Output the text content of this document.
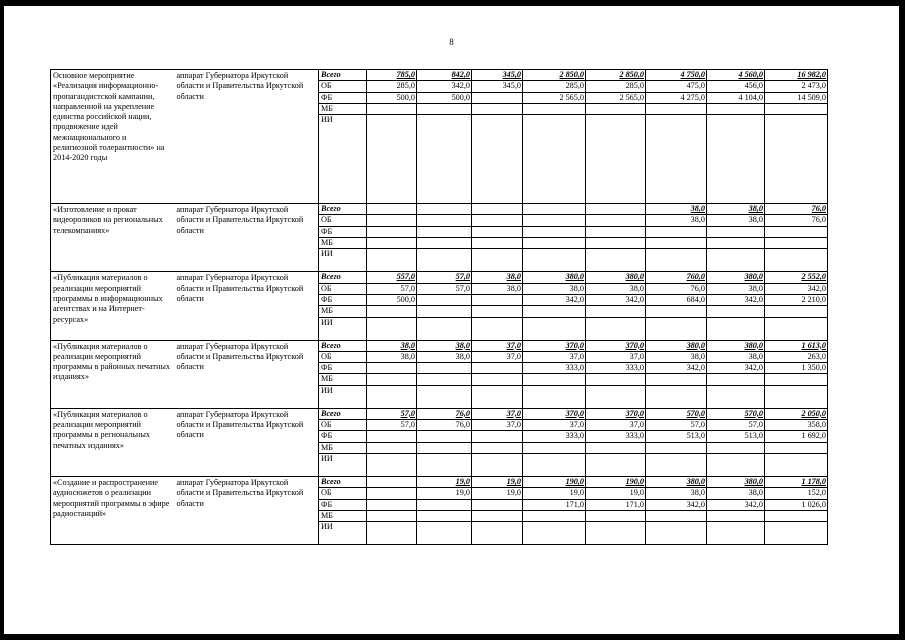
8
Основное мероприятие «Реализация информационно-пропагандистской кампании, направленной на укрепление единства российской нации, продвижение идей межнационального и религиозной толерантности» на 2014-2020 годы	аппарат Губернатора Иркутской области и Правительства Иркутской области	Всего	785,0	842,0	345,0	2 850,0	2 850,0	4 750,0	4 560,0	16 982,0
		ОБ	285,0	342,0	345,0	285,0	285,0	475,0	456,0	2 473,0
		ФБ	500,0	500,0		2 565,0	2 565,0	4 275,0	4 104,0	14 509,0
		МБ								
		ИИ								
«Изготовление и прокат видеороликов на региональных телекомпаниях»	аппарат Губернатора Иркутской области и Правительства Иркутской области	Всего						38,0	38,0	76,0
		ОБ						38,0	38,0	76,0
		ФБ								
		МБ								
		ИИ								
«Публикация материалов о реализации мероприятий программы в информационных агентствах и на Интернет-ресурсах»	аппарат Губернатора Иркутской области и Правительства Иркутской области	Всего	557,0	57,0	38,0	380,0	380,0	760,0	380,0	2 552,0
		ОБ	57,0	57,0	38,0	38,0	38,0	76,0	38,0	342,0
		ФБ	500,0			342,0	342,0	684,0	342,0	2 210,0
		МБ								
		ИИ								
«Публикация материалов о реализации мероприятий программы в районных печатных изданиях»	аппарат Губернатора Иркутской области и Правительства Иркутской области	Всего	38,0	38,0	37,0	370,0	370,0	380,0	380,0	1 613,0
		ОБ	38,0	38,0	37,0	37,0	37,0	38,0	38,0	263,0
		ФБ				333,0	333,0	342,0	342,0	1 350,0
		МБ								
		ИИ								
«Публикация материалов о реализации мероприятий программы в региональных печатных изданиях»	аппарат Губернатора Иркутской области и Правительства Иркутской области	Всего	57,0	76,0	37,0	370,0	370,0	570,0	570,0	2 050,0
		ОБ	57,0	76,0	37,0	37,0	37,0	57,0	57,0	358,0
		ФБ				333,0	333,0	513,0	513,0	1 692,0
		МБ								
		ИИ								
«Создание и распространение аудиосюжетов о реализации мероприятий программы в эфире радиостанций»	аппарат Губернатора Иркутской области и Правительства Иркутской области	Всего		19,0	19,0	190,0	190,0	380,0	380,0	1 178,0
		ОБ		19,0	19,0	19,0	19,0	38,0	38,0	152,0
		ФБ				171,0	171,0	342,0	342,0	1 026,0
		МБ								
		ИИ								
